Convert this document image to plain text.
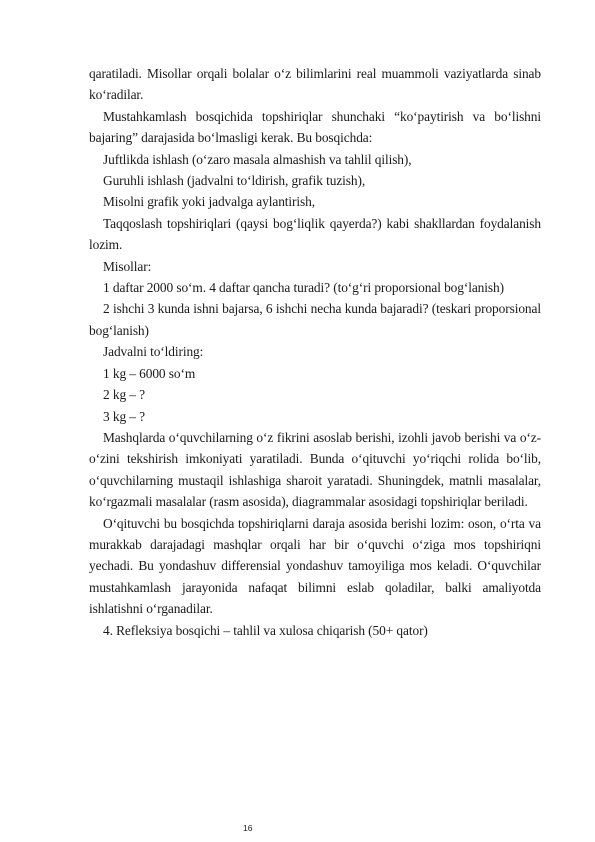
qaratiladi. Misollar orqali bolalar o‘z bilimlarini real muammoli vaziyatlarda sinab ko‘radilar.

Mustahkamlash bosqichida topshiriqlar shunchaki “ko‘paytirish va bo‘lishni bajaring” darajasida bo‘lmasligi kerak. Bu bosqichda:

Juftlikda ishlash (o‘zaro masala almashish va tahlil qilish),

Guruhli ishlash (jadvalni to‘ldirish, grafik tuzish),

Misolni grafik yoki jadvalga aylantirish,

Taqqoslash topshiriqlari (qaysi bog‘liqlik qayerda?) kabi shakllardan foydalanish lozim.

Misollar:

1 daftar 2000 so‘m. 4 daftar qancha turadi? (to‘g‘ri proporsional bog‘lanish)

2 ishchi 3 kunda ishni bajarsa, 6 ishchi necha kunda bajaradi? (teskari proporsional bog‘lanish)

Jadvalni to‘ldiring:

1 kg – 6000 so‘m

2 kg – ?

3 kg – ?

Mashqlarda o‘quvchilarning o‘z fikrini asoslab berishi, izohli javob berishi va o‘z-o‘zini tekshirish imkoniyati yaratiladi. Bunda o‘qituvchi yo‘riqchi rolida bo‘lib, o‘quvchilarning mustaqil ishlashiga sharoit yaratadi. Shuningdek, matnli masalalar, ko‘rgazmali masalalar (rasm asosida), diagrammalar asosidagi topshiriqlar beriladi.

O‘qituvchi bu bosqichda topshiriqlarni daraja asosida berishi lozim: oson, o‘rta va murakkab darajadagi mashqlar orqali har bir o‘quvchi o‘ziga mos topshiriqni yechadi. Bu yondashuv differensial yondashuv tamoyiliga mos keladi. O‘quvchilar mustahkamlash jarayonida nafaqat bilimni eslab qoladilar, balki amaliyotda ishlatishni o‘rganadilar.

4. Refleksiya bosqichi – tahlil va xulosa chiqarish (50+ qator)

16
